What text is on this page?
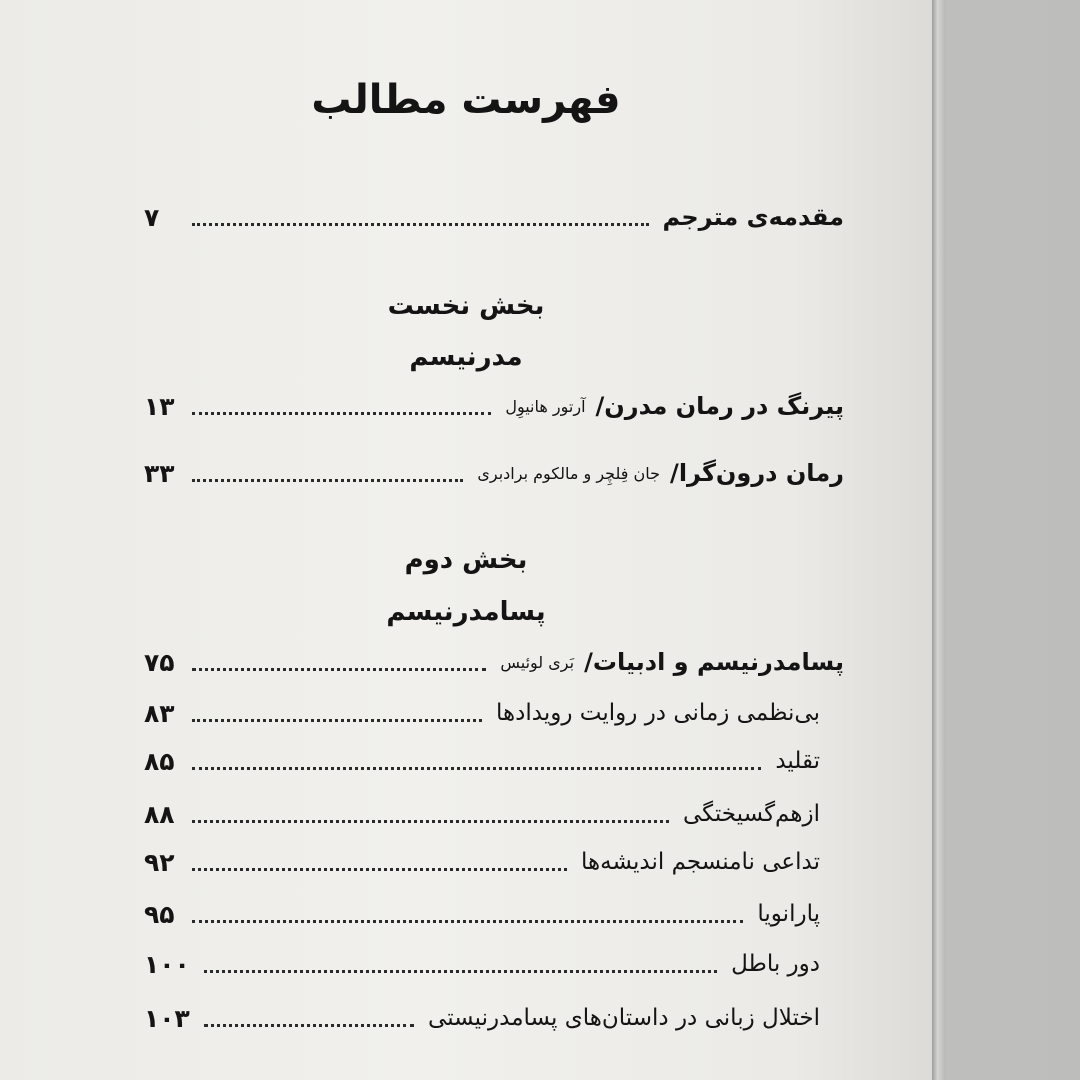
فهرست مطالب
مقدمه‌ی مترجم
۷
بخش نخست
مدرنیسم
پیرنگ در رمان مدرن/
آرتور هانیوِل
۱۳
رمان درون‌گرا/
جان فِلچِر و مالکوم برادبری
۳۳
بخش دوم
پسامدرنیسم
پسامدرنیسم و ادبیات/
بَری لوئیس
۷۵
بی‌نظمی زمانی در روایت رویدادها
۸۳
تقلید
۸۵
ازهم‌گسیختگی
۸۸
تداعی نامنسجم اندیشه‌ها
۹۲
پارانویا
۹۵
دور باطل
۱۰۰
اختلال زبانی در داستان‌های پسامدرنیستی
۱۰۳
